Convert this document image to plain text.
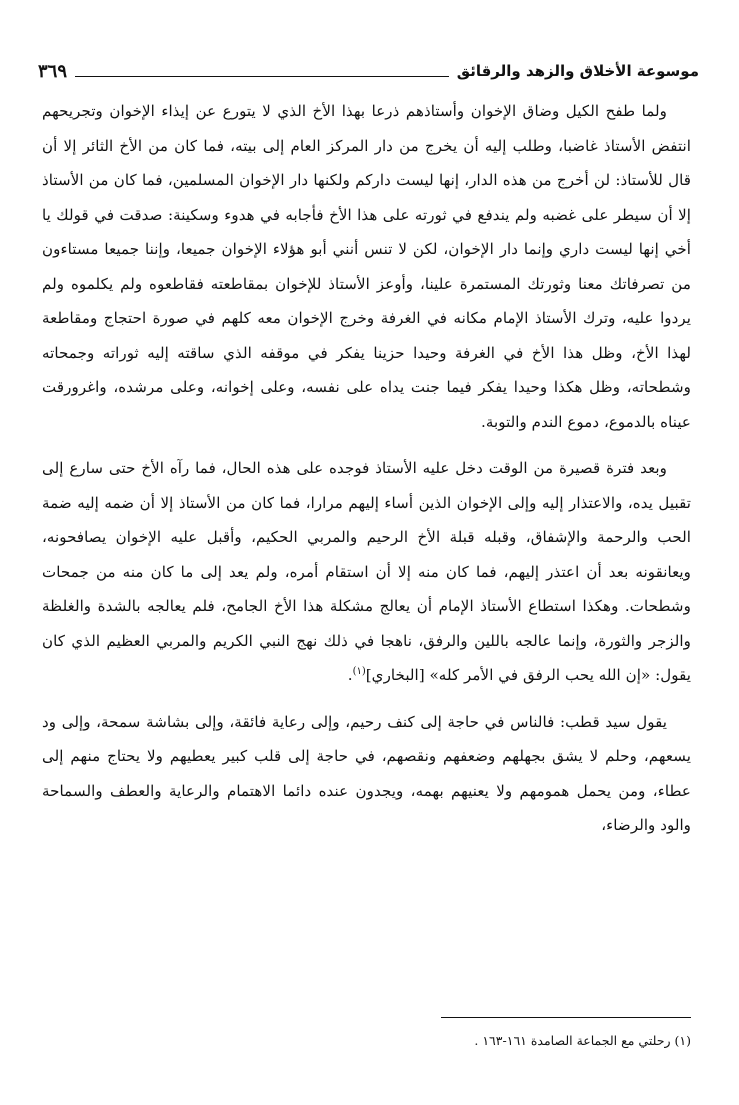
موسوعة الأخلاق والزهد والرقائق
٣٦٩

ولما طفح الكيل وضاق الإخوان وأستاذهم ذرعا بهذا الأخ الذي لا يتورع عن إيذاء الإخوان وتجريحهم انتفض الأستاذ غاضبا، وطلب إليه أن يخرج من دار المركز العام إلى بيته، فما كان من الأخ الثائر إلا أن قال للأستاذ: لن أخرج من هذه الدار، إنها ليست داركم ولكنها دار الإخوان المسلمين، فما كان من الأستاذ إلا أن سيطر على غضبه ولم يندفع في ثورته على هذا الأخ فأجابه في هدوء وسكينة: صدقت في قولك يا أخي إنها ليست داري وإنما دار الإخوان، لكن لا تنس أنني أبو هؤلاء الإخوان جميعا، وإننا جميعا مستاءون من تصرفاتك معنا وثورتك المستمرة علينا، وأوعز الأستاذ للإخوان بمقاطعته فقاطعوه ولم يكلموه ولم يردوا عليه، وترك الأستاذ الإمام مكانه في الغرفة وخرج الإخوان معه كلهم في صورة احتجاج ومقاطعة لهذا الأخ، وظل هذا الأخ في الغرفة وحيدا حزينا يفكر في موقفه الذي ساقته إليه ثوراته وجمحاته وشطحاته، وظل هكذا وحيدا يفكر فيما جنت يداه على نفسه، وعلى إخوانه، وعلى مرشده، واغرورقت عيناه بالدموع، دموع الندم والتوبة.

وبعد فترة قصيرة من الوقت دخل عليه الأستاذ فوجده على هذه الحال، فما رآه الأخ حتى سارع إلى تقبيل يده، والاعتذار إليه وإلى الإخوان الذين أساء إليهم مرارا، فما كان من الأستاذ إلا أن ضمه إليه ضمة الحب والرحمة والإشفاق، وقبله قبلة الأخ الرحيم والمربي الحكيم، وأقبل عليه الإخوان يصافحونه، ويعانقونه بعد أن اعتذر إليهم، فما كان منه إلا أن استقام أمره، ولم يعد إلى ما كان منه من جمحات وشطحات. وهكذا استطاع الأستاذ الإمام أن يعالج مشكلة هذا الأخ الجامح، فلم يعالجه بالشدة والغلظة والزجر والثورة، وإنما عالجه باللين والرفق، ناهجا في ذلك نهج النبي الكريم والمربي العظيم الذي كان يقول: «إن الله يحب الرفق في الأمر كله» [البخاري]$^{(١)}$.

يقول سيد قطب: فالناس في حاجة إلى كنف رحيم، وإلى رعاية فائقة، وإلى بشاشة سمحة، وإلى ود يسعهم، وحلم لا يشق بجهلهم وضعفهم ونقصهم، في حاجة إلى قلب كبير يعطيهم ولا يحتاج منهم إلى عطاء، ومن يحمل همومهم ولا يعنيهم بهمه، ويجدون عنده دائما الاهتمام والرعاية والعطف والسماحة والود والرضاء،

(١) رحلتي مع الجماعة الصامدة ١٦١-١٦٣ .
